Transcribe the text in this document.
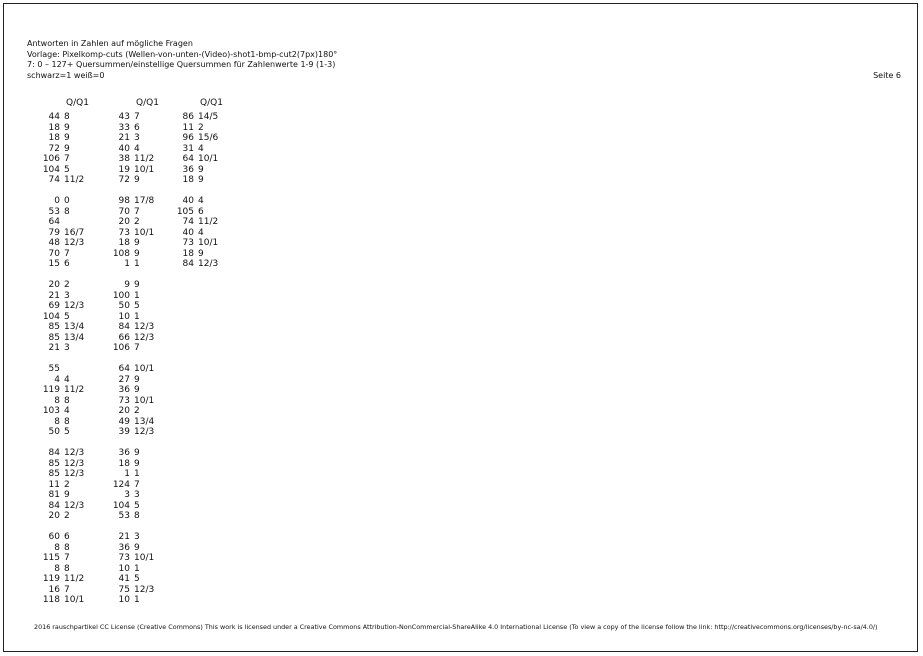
Antworten in Zahlen auf mögliche Fragen
Vorlage: Pixelkomp-cuts (Wellen-von-unten-(Video)-shot1-bmp-cut2(7px)180°
7: 0 – 127+ Quersummen/einstellige Quersummen für Zahlenwerte 1-9 (1-3)
schwarz=1 weiß=0	Seite 6
Q/Q1
44 8
18 9
18 9
72 9
106 7
104 5
74 11/2
0 0
53 8
64
79 16/7
48 12/3
70 7
15 6
20 2
21 3
69 12/3
104 5
85 13/4
85 13/4
21 3
55
4 4
119 11/2
8 8
103 4
8 8
50 5
84 12/3
85 12/3
85 12/3
11 2
81 9
84 12/3
20 2
60 6
8 8
115 7
8 8
119 11/2
16 7
118 10/1
Q/Q1
43 7
33 6
21 3
40 4
38 11/2
19 10/1
72 9
98 17/8
70 7
20 2
73 10/1
18 9
108 9
1 1
9 9
100 1
50 5
10 1
84 12/3
66 12/3
106 7
64 10/1
27 9
36 9
73 10/1
20 2
49 13/4
39 12/3
36 9
18 9
1 1
124 7
3 3
104 5
53 8
21 3
36 9
73 10/1
10 1
41 5
75 12/3
10 1
Q/Q1
86 14/5
11 2
96 15/6
31 4
64 10/1
36 9
18 9
40 4
105 6
74 11/2
40 4
73 10/1
18 9
84 12/3
2016 rauschpartikel CC License (Creative Commons) This work is licensed under a Creative Commons Attribution-NonCommercial-ShareAlike 4.0 International License (To view a copy of the license follow the link: http://creativecommons.org/licenses/by-nc-sa/4.0/)
